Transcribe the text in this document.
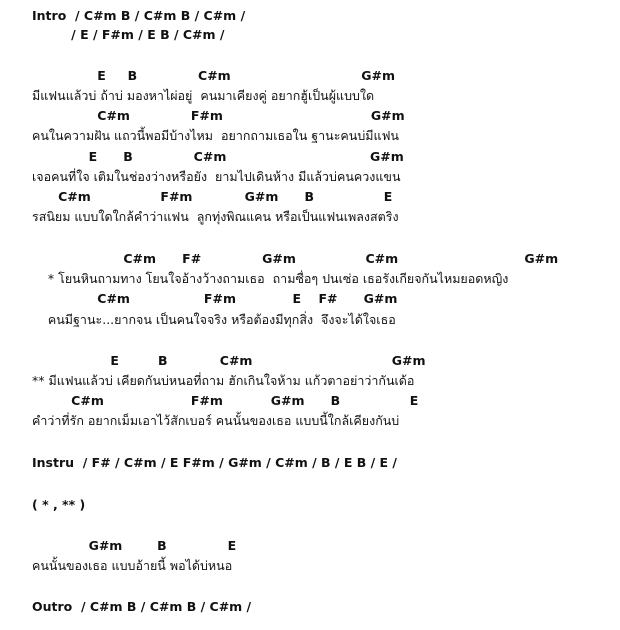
Intro  / C#m B / C#m B / C#m /
/ E / F#m / E B / C#m /
E     B              C#m                              G#m
มีแฟนแล้วบ่ ถ้าบ่ มองหาไผ่อยู่  คนมาเคียงคู่ อยากฮู้เป็นผู้แบบใด
C#m              F#m                                  G#m
คนในความฝัน แถวนี้พอมีบ้างไหม  อยากถามเธอใน ฐานะคนบ่มีแฟน
E      B              C#m                                 G#m
เจอคนที่ใจ เติมในช่องว่างหรือยัง  ยามไปเดินห้าง มีแล้วบ่คนควงแขน
C#m                F#m            G#m      B                E
รสนิยม แบบใดใกล้คำว่าแฟน  ลูกทุ่งพิณแคน หรือเป็นแฟนเพลงสตริง
C#m      F#              G#m                C#m                             G#m
* โยนหินถามทาง โยนใจอ้างว้างถามเธอ  ถามซื่อๆ ปนเซ่อ เธอรังเกียจกันไหมยอดหญิง
C#m                 F#m             E    F#      G#m
คนมีฐานะ...ยากจน เป็นคนใจจริง หรือต้องมีทุกสิ่ง  จึงจะได้ใจเธอ
E         B            C#m                                G#m
** มีแฟนแล้วบ่ เคียดกันบ่หนอที่ถาม ฮักเกินใจห้าม แก้วตาอย่าว่ากันเด้อ
C#m                    F#m           G#m      B                E
คำว่าที่รัก อยากเม็มเอาไว้สักเบอร์ คนนั้นของเธอ แบบนี้ใกล้เคียงกันบ่
Instru  / F# / C#m / E F#m / G#m / C#m / B / E B / E /
( * , ** )
G#m        B              E
คนนั้นของเธอ แบบอ้ายนี้ พอได้บ่หนอ
Outro  / C#m B / C#m B / C#m /
